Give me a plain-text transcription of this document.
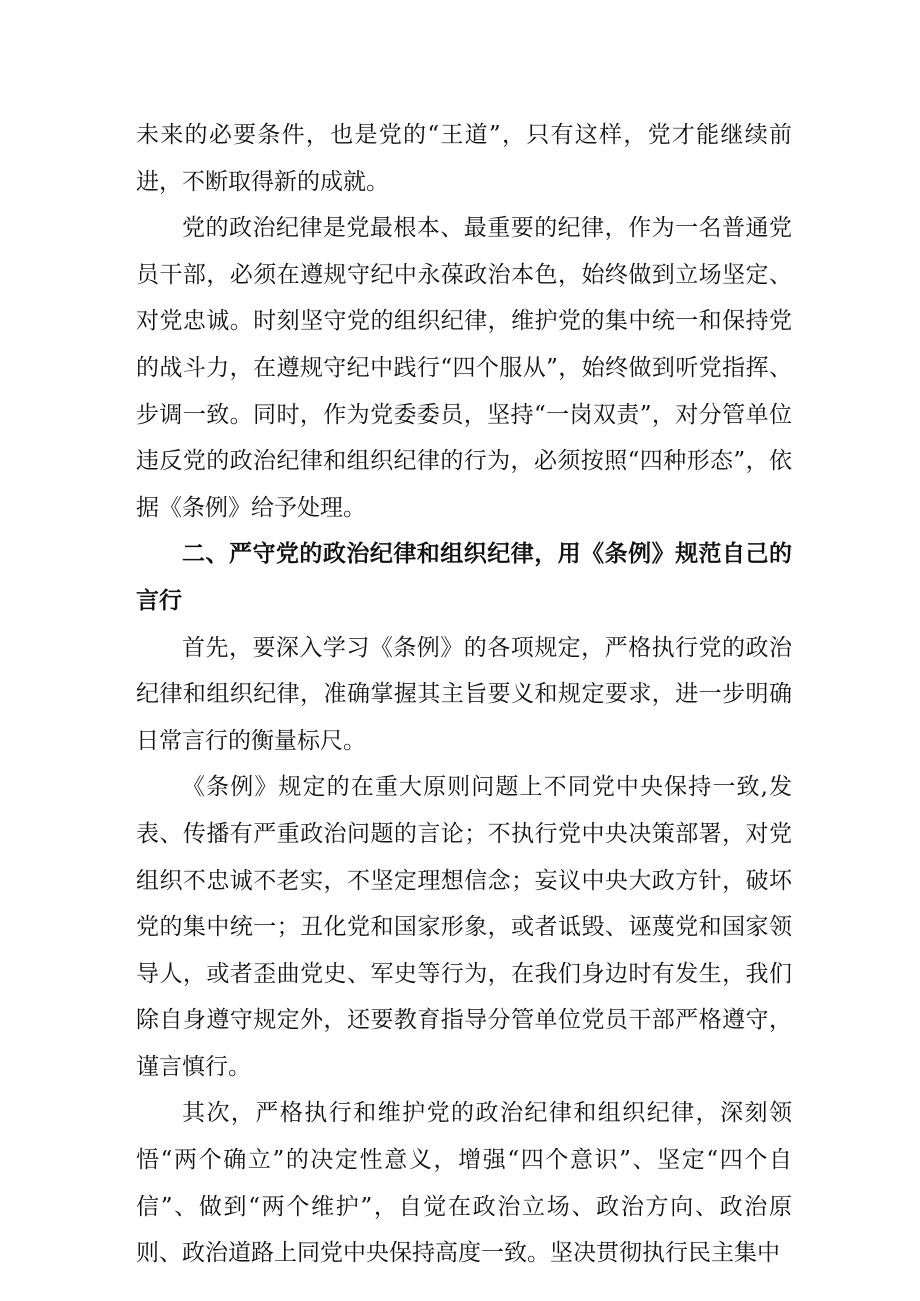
未来的必要条件，也是党的“王道”，只有这样，党才能继续前进，不断取得新的成就。

党的政治纪律是党最根本、最重要的纪律，作为一名普通党员干部，必须在遵规守纪中永葆政治本色，始终做到立场坚定、对党忠诚。时刻坚守党的组织纪律，维护党的集中统一和保持党的战斗力，在遵规守纪中践行“四个服从”，始终做到听党指挥、步调一致。同时，作为党委委员，坚持“一岗双责”，对分管单位违反党的政治纪律和组织纪律的行为，必须按照“四种形态”，依据《条例》给予处理。

二、严守党的政治纪律和组织纪律，用《条例》规范自己的言行

首先，要深入学习《条例》的各项规定，严格执行党的政治纪律和组织纪律，准确掌握其主旨要义和规定要求，进一步明确日常言行的衡量标尺。

《条例》规定的在重大原则问题上不同党中央保持一致,发表、传播有严重政治问题的言论；不执行党中央决策部署，对党组织不忠诚不老实，不坚定理想信念；妄议中央大政方针，破坏党的集中统一；丑化党和国家形象，或者诋毁、诬蔑党和国家领导人，或者歪曲党史、军史等行为，在我们身边时有发生，我们除自身遵守规定外，还要教育指导分管单位党员干部严格遵守，谨言慎行。

其次，严格执行和维护党的政治纪律和组织纪律，深刻领悟“两个确立”的决定性意义，增强“四个意识”、坚定“四个自信”、做到“两个维护”，自觉在政治立场、政治方向、政治原则、政治道路上同党中央保持高度一致。坚决贯彻执行民主集中
